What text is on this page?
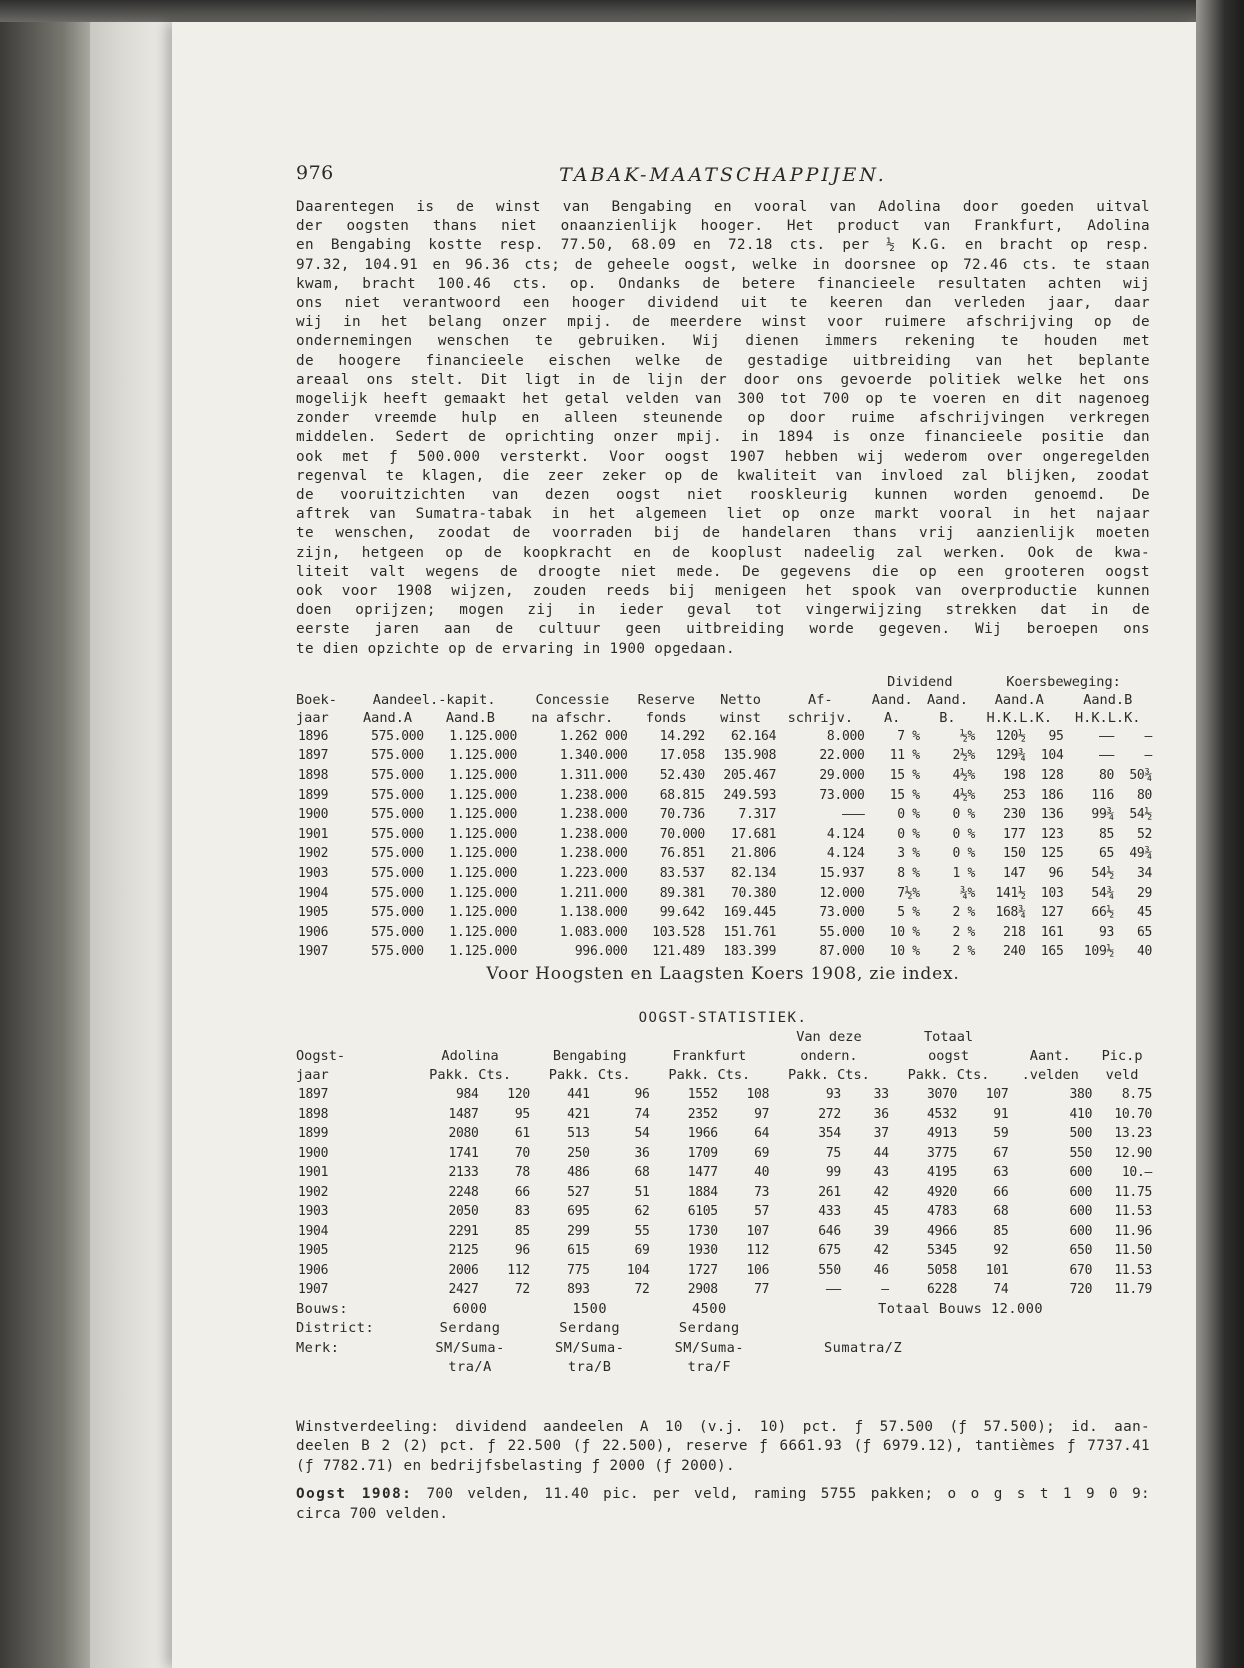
976	TABAK-MAATSCHAPPIJEN.
Daarentegen is de winst van Bengabing en vooral van Adolina door goeden uitval
der oogsten thans niet onaanzienlijk hooger. Het product van Frankfurt, Adolina
en Bengabing kostte resp. 77.50, 68.09 en 72.18 cts. per ½ K.G. en bracht op resp.
97.32, 104.91 en 96.36 cts; de geheele oogst, welke in doorsnee op 72.46 cts. te staan
kwam, bracht 100.46 cts. op. Ondanks de betere financieele resultaten achten wij
ons niet verantwoord een hooger dividend uit te keeren dan verleden jaar, daar
wij in het belang onzer mpij. de meerdere winst voor ruimere afschrijving op de
ondernemingen wenschen te gebruiken. Wij dienen immers rekening te houden met
de hoogere financieele eischen welke de gestadige uitbreiding van het beplante
areaal ons stelt. Dit ligt in de lijn der door ons gevoerde politiek welke het ons
mogelijk heeft gemaakt het getal velden van 300 tot 700 op te voeren en dit nagenoeg
zonder vreemde hulp en alleen steunende op door ruime afschrijvingen verkregen
middelen. Sedert de oprichting onzer mpij. in 1894 is onze financieele positie dan
ook met ƒ 500.000 versterkt. Voor oogst 1907 hebben wij wederom over ongeregelden
regenval te klagen, die zeer zeker op de kwaliteit van invloed zal blijken, zoodat
de vooruitzichten van dezen oogst niet rooskleurig kunnen worden genoemd. De
aftrek van Sumatra-tabak in het algemeen liet op onze markt vooral in het najaar
te wenschen, zoodat de voorraden bij de handelaren thans vrij aanzienlijk moeten
zijn, hetgeen op de koopkracht en de kooplust nadeelig zal werken. Ook de kwa-
liteit valt wegens de droogte niet mede. De gegevens die op een grooteren oogst
ook voor 1908 wijzen, zouden reeds bij menigeen het spook van overproductie kunnen
doen oprijzen; mogen zij in ieder geval tot vingerwijzing strekken dat in de
eerste jaren aan de cultuur geen uitbreiding worde gegeven. Wij beroepen ons
te dien opzichte op de ervaring in 1900 opgedaan.
							Dividend		Koersbeweging:			
Boek-	Aandeel.-kapit.		Concessie	Reserve	Netto	Af-	Aand.	Aand.	Aand.A		Aand.B	
jaar	Aand.A	Aand.B	na afschr.	fonds	winst	schrijv.	A.	B.	H.K.L.K.		H.K.L.K.	
1896	575.000	1.125.000	1.262 000	14.292	62.164	8.000	7 %	½%	120½	95	——	—
1897	575.000	1.125.000	1.340.000	17.058	135.908	22.000	11 %	2½%	129¾	104	——	—
1898	575.000	1.125.000	1.311.000	52.430	205.467	29.000	15 %	4½%	198	128	80	50¾
1899	575.000	1.125.000	1.238.000	68.815	249.593	73.000	15 %	4½%	253	186	116	80
1900	575.000	1.125.000	1.238.000	70.736	7.317	———	0 %	0 %	230	136	99¾	54½
1901	575.000	1.125.000	1.238.000	70.000	17.681	4.124	0 %	0 %	177	123	85	52
1902	575.000	1.125.000	1.238.000	76.851	21.806	4.124	3 %	0 %	150	125	65	49¾
1903	575.000	1.125.000	1.223.000	83.537	82.134	15.937	8 %	1 %	147	96	54½	34
1904	575.000	1.125.000	1.211.000	89.381	70.380	12.000	7½%	¾%	141½	103	54¾	29
1905	575.000	1.125.000	1.138.000	99.642	169.445	73.000	5 %	2 %	168¾	127	66½	45
1906	575.000	1.125.000	1.083.000	103.528	151.761	55.000	10 %	2 %	218	161	93	65
1907	575.000	1.125.000	996.000	121.489	183.399	87.000	10 %	2 %	240	165	109½	40
Voor Hoogsten en Laagsten Koers 1908, zie index.
OOGST-STATISTIEK.
							Van deze		Totaal			
Oogst-	Adolina		Bengabing		Frankfurt		ondern.		oogst		Aant.	Pic.p
jaar	Pakk. Cts.		Pakk. Cts.		Pakk. Cts.		Pakk. Cts.		Pakk. Cts.		.velden	veld
1897	984	120	441	96	1552	108	93	33	3070	107	380	8.75
1898	1487	95	421	74	2352	97	272	36	4532	91	410	10.70
1899	2080	61	513	54	1966	64	354	37	4913	59	500	13.23
1900	1741	70	250	36	1709	69	75	44	3775	67	550	12.90
1901	2133	78	486	68	1477	40	99	43	4195	63	600	10.—
1902	2248	66	527	51	1884	73	261	42	4920	66	600	11.75
1903	2050	83	695	62	6105	57	433	45	4783	68	600	11.53
1904	2291	85	299	55	1730	107	646	39	4966	85	600	11.96
1905	2125	96	615	69	1930	112	675	42	5345	92	650	11.50
1906	2006	112	775	104	1727	106	550	46	5058	101	670	11.53
1907	2427	72	893	72	2908	77	——	—	6228	74	720	11.79
Bouws:	6000		1500		4500		Totaal Bouws 12.000					
District:	Serdang		Serdang		Serdang							
Merk:	SM/Suma-		SM/Suma-		SM/Suma-		Sumatra/Z					
	tra/A		tra/B		tra/F							

Winstverdeeling: dividend aandeelen A 10 (v.j. 10) pct. ƒ 57.500 (ƒ 57.500); id. aan-
deelen B 2 (2) pct. ƒ 22.500 (ƒ 22.500), reserve ƒ 6661.93 (ƒ 6979.12), tantièmes ƒ 7737.41
(ƒ 7782.71) en bedrijfsbelasting ƒ 2000 (ƒ 2000).

Oogst 1908: 700 velden, 11.40 pic. per veld, raming 5755 pakken; o o g s t 1 9 0 9:
circa 700 velden.
